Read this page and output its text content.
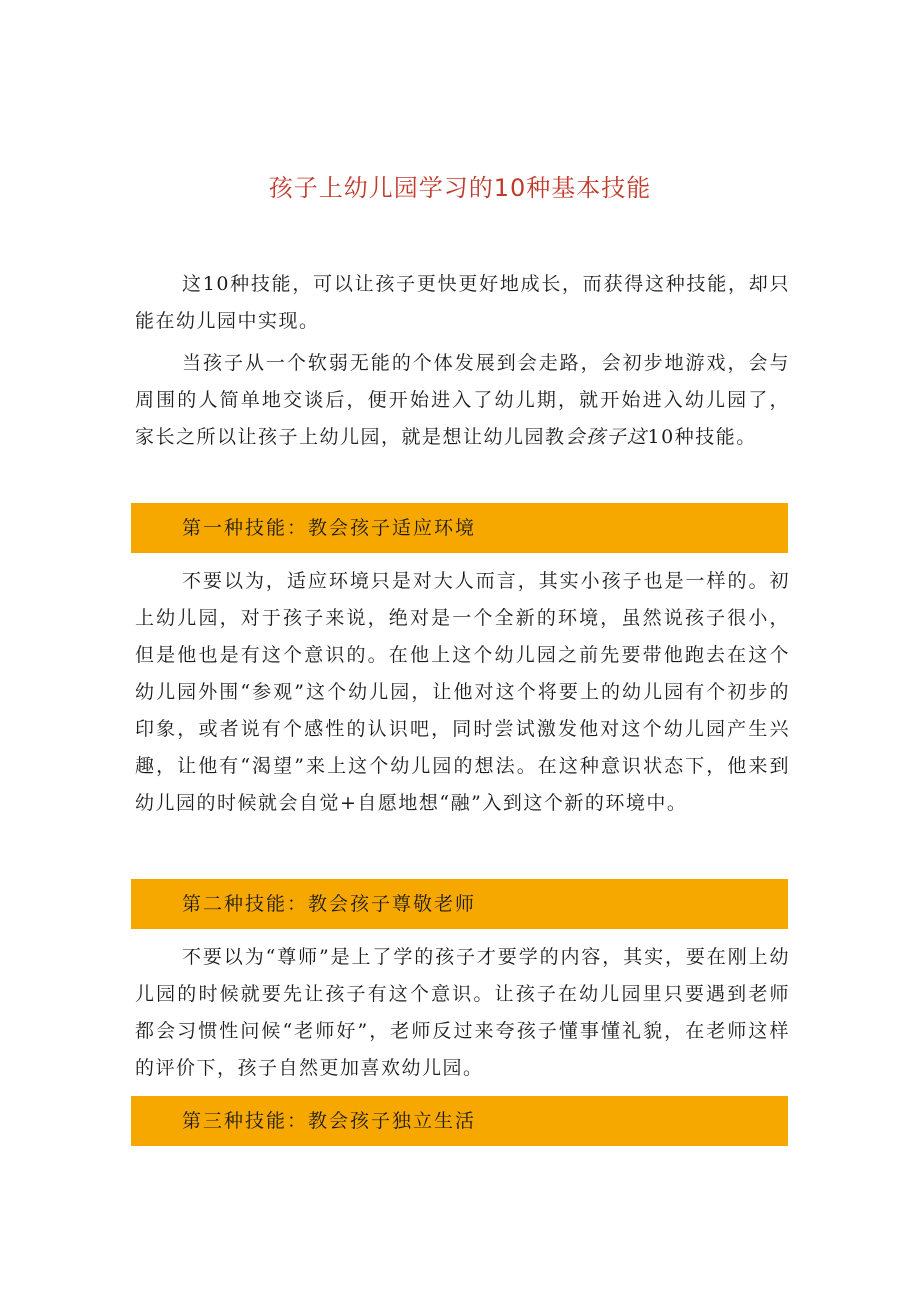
孩子上幼儿园学习的10种基本技能

这10种技能，可以让孩子更快更好地成长，而获得这种技能，却只能在幼儿园中实现。

当孩子从一个软弱无能的个体发展到会走路，会初步地游戏，会与周围的人简单地交谈后，便开始进入了幼儿期，就开始进入幼儿园了，家长之所以让孩子上幼儿园，就是想让幼儿园教会孩子这10种技能。

第一种技能：教会孩子适应环境

不要以为，适应环境只是对大人而言，其实小孩子也是一样的。初上幼儿园，对于孩子来说，绝对是一个全新的环境，虽然说孩子很小，但是他也是有这个意识的。在他上这个幼儿园之前先要带他跑去在这个幼儿园外围“参观”这个幼儿园，让他对这个将要上的幼儿园有个初步的印象，或者说有个感性的认识吧，同时尝试激发他对这个幼儿园产生兴趣，让他有“渴望”来上这个幼儿园的想法。在这种意识状态下，他来到幼儿园的时候就会自觉+自愿地想“融”入到这个新的环境中。

第二种技能：教会孩子尊敬老师

不要以为“尊师”是上了学的孩子才要学的内容，其实，要在刚上幼儿园的时候就要先让孩子有这个意识。让孩子在幼儿园里只要遇到老师都会习惯性问候“老师好”，老师反过来夸孩子懂事懂礼貌，在老师这样的评价下，孩子自然更加喜欢幼儿园。

第三种技能：教会孩子独立生活
